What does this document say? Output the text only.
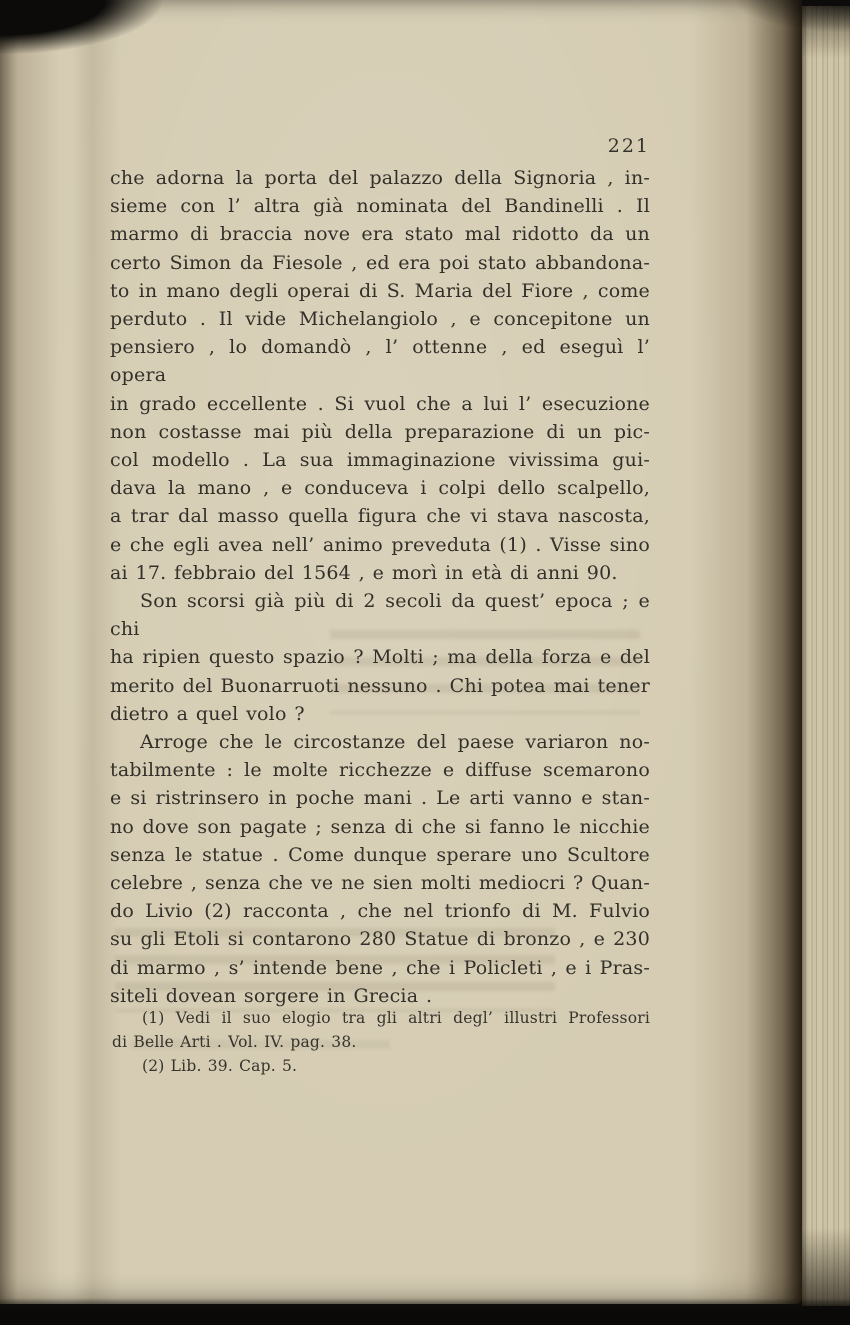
221
che adorna la porta del palazzo della Signoria , in-
sieme con l’ altra già nominata del Bandinelli . Il
marmo di braccia nove era stato mal ridotto da un
certo Simon da Fiesole , ed era poi stato abbandona-
to in mano degli operai di S. Maria del Fiore , come
perduto . Il vide Michelangiolo , e concepitone un
pensiero , lo domandò , l’ ottenne , ed eseguì l’ opera
in grado eccellente . Si vuol che a lui l’ esecuzione
non costasse mai più della preparazione di un pic-
col modello . La sua immaginazione vivissima gui-
dava la mano , e conduceva i colpi dello scalpello,
a trar dal masso quella figura che vi stava nascosta,
e che egli avea nell’ animo preveduta (1) . Visse sino
ai 17. febbraio del 1564 , e morì in età di anni 90.
Son scorsi già più di 2 secoli da quest’ epoca ; e chi
ha ripien questo spazio ? Molti ; ma della forza e del
merito del Buonarruoti nessuno . Chi potea mai tener
dietro a quel volo ?
Arroge che le circostanze del paese variaron no-
tabilmente : le molte ricchezze e diffuse scemarono
e si ristrinsero in poche mani . Le arti vanno e stan-
no dove son pagate ; senza di che si fanno le nicchie
senza le statue . Come dunque sperare uno Scultore
celebre , senza che ve ne sien molti mediocri ? Quan-
do Livio (2) racconta , che nel trionfo di M. Fulvio
su gli Etoli si contarono 280 Statue di bronzo , e 230
di marmo , s’ intende bene , che i Policleti , e i Pras-
siteli dovean sorgere in Grecia .
(1) Vedi il suo elogio tra gli altri degl’ illustri Professori
di Belle Arti . Vol. IV. pag. 38.
(2) Lib. 39. Cap. 5.
